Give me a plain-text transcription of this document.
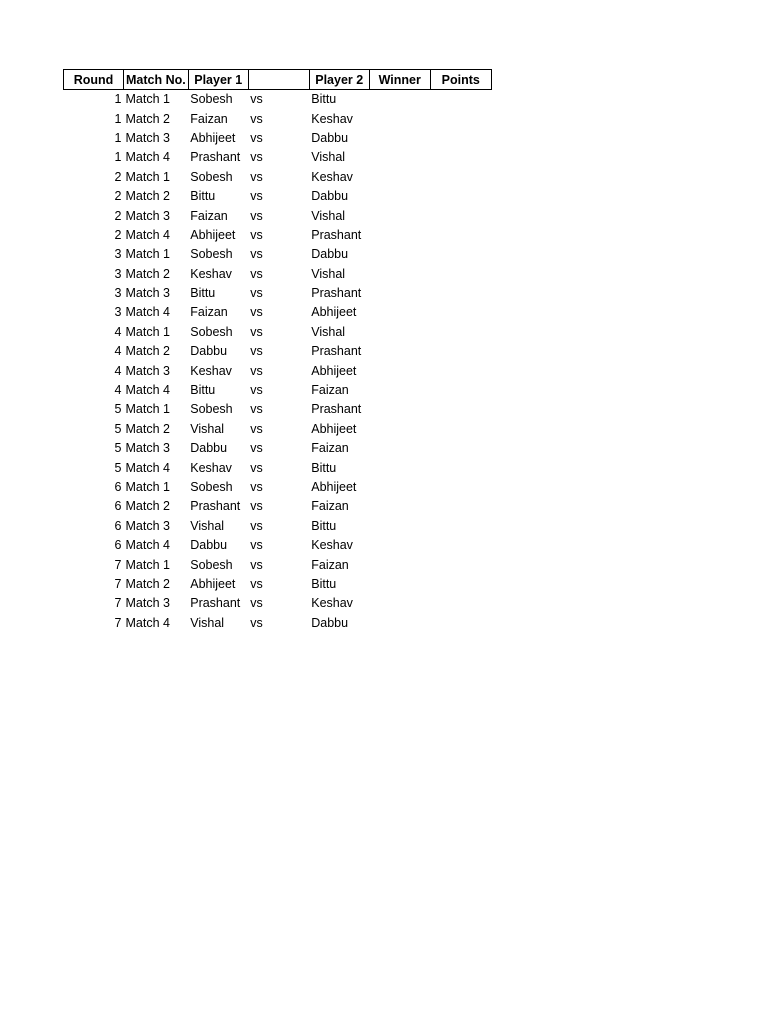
Round	Match No.	Player 1		Player 2	Winner	Points
1	Match 1	Sobesh	vs	Bittu		
1	Match 2	Faizan	vs	Keshav		
1	Match 3	Abhijeet	vs	Dabbu		
1	Match 4	Prashant	vs	Vishal		
2	Match 1	Sobesh	vs	Keshav		
2	Match 2	Bittu	vs	Dabbu		
2	Match 3	Faizan	vs	Vishal		
2	Match 4	Abhijeet	vs	Prashant		
3	Match 1	Sobesh	vs	Dabbu		
3	Match 2	Keshav	vs	Vishal		
3	Match 3	Bittu	vs	Prashant		
3	Match 4	Faizan	vs	Abhijeet		
4	Match 1	Sobesh	vs	Vishal		
4	Match 2	Dabbu	vs	Prashant		
4	Match 3	Keshav	vs	Abhijeet		
4	Match 4	Bittu	vs	Faizan		
5	Match 1	Sobesh	vs	Prashant		
5	Match 2	Vishal	vs	Abhijeet		
5	Match 3	Dabbu	vs	Faizan		
5	Match 4	Keshav	vs	Bittu		
6	Match 1	Sobesh	vs	Abhijeet		
6	Match 2	Prashant	vs	Faizan		
6	Match 3	Vishal	vs	Bittu		
6	Match 4	Dabbu	vs	Keshav		
7	Match 1	Sobesh	vs	Faizan		
7	Match 2	Abhijeet	vs	Bittu		
7	Match 3	Prashant	vs	Keshav		
7	Match 4	Vishal	vs	Dabbu		
